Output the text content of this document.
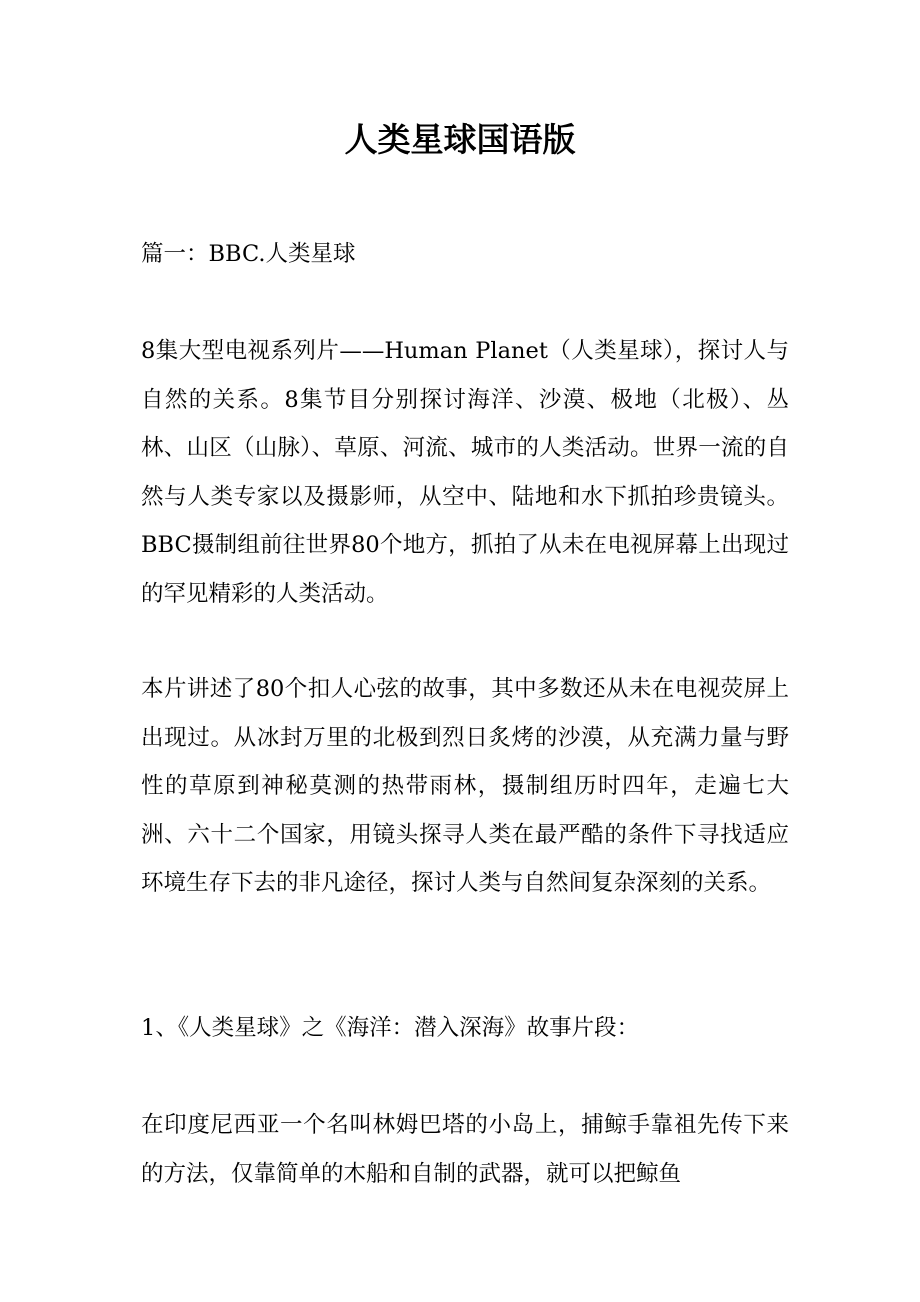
人类星球国语版

篇一：BBC.人类星球

8集大型电视系列片——Human Planet（人类星球），探讨人与自然的关系。8集节目分别探讨海洋、沙漠、极地（北极）、丛林、山区（山脉）、草原、河流、城市的人类活动。世界一流的自然与人类专家以及摄影师，从空中、陆地和水下抓拍珍贵镜头。BBC摄制组前往世界80个地方，抓拍了从未在电视屏幕上出现过的罕见精彩的人类活动。

本片讲述了80个扣人心弦的故事，其中多数还从未在电视荧屏上出现过。从冰封万里的北极到烈日炙烤的沙漠，从充满力量与野性的草原到神秘莫测的热带雨林，摄制组历时四年，走遍七大洲、六十二个国家，用镜头探寻人类在最严酷的条件下寻找适应环境生存下去的非凡途径，探讨人类与自然间复杂深刻的关系。

1、《人类星球》之《海洋：潜入深海》故事片段：

在印度尼西亚一个名叫林姆巴塔的小岛上，捕鲸手靠祖先传下来的方法，仅靠简单的木船和自制的武器，就可以把鲸鱼
